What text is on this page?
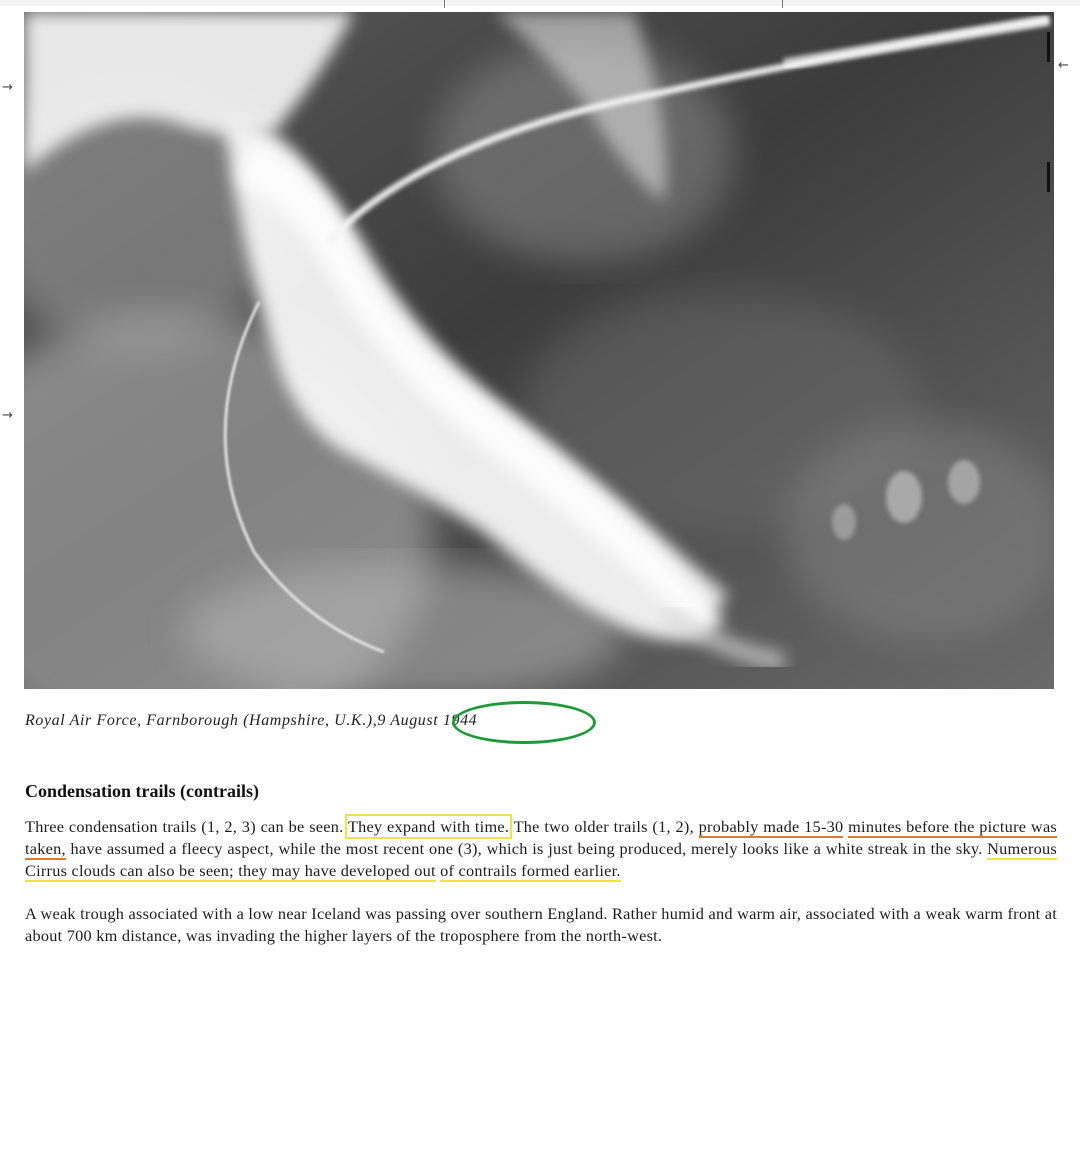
→
→
←
Royal Air Force, Farnborough (Hampshire, U.K.),9 August 1944
Condensation trails (contrails)
Three condensation trails (1, 2, 3) can be seen. They expand with time. The two older trails (1, 2), probably made 15-30 minutes before the picture was taken, have assumed a fleecy aspect, while the most recent one (3), which is just being produced, merely looks like a white streak in the sky. Numerous Cirrus clouds can also be seen; they may have developed out of contrails formed earlier.
A weak trough associated with a low near Iceland was passing over southern England. Rather humid and warm air, associated with a weak warm front at about 700 km distance, was invading the higher layers of the troposphere from the north-west.
